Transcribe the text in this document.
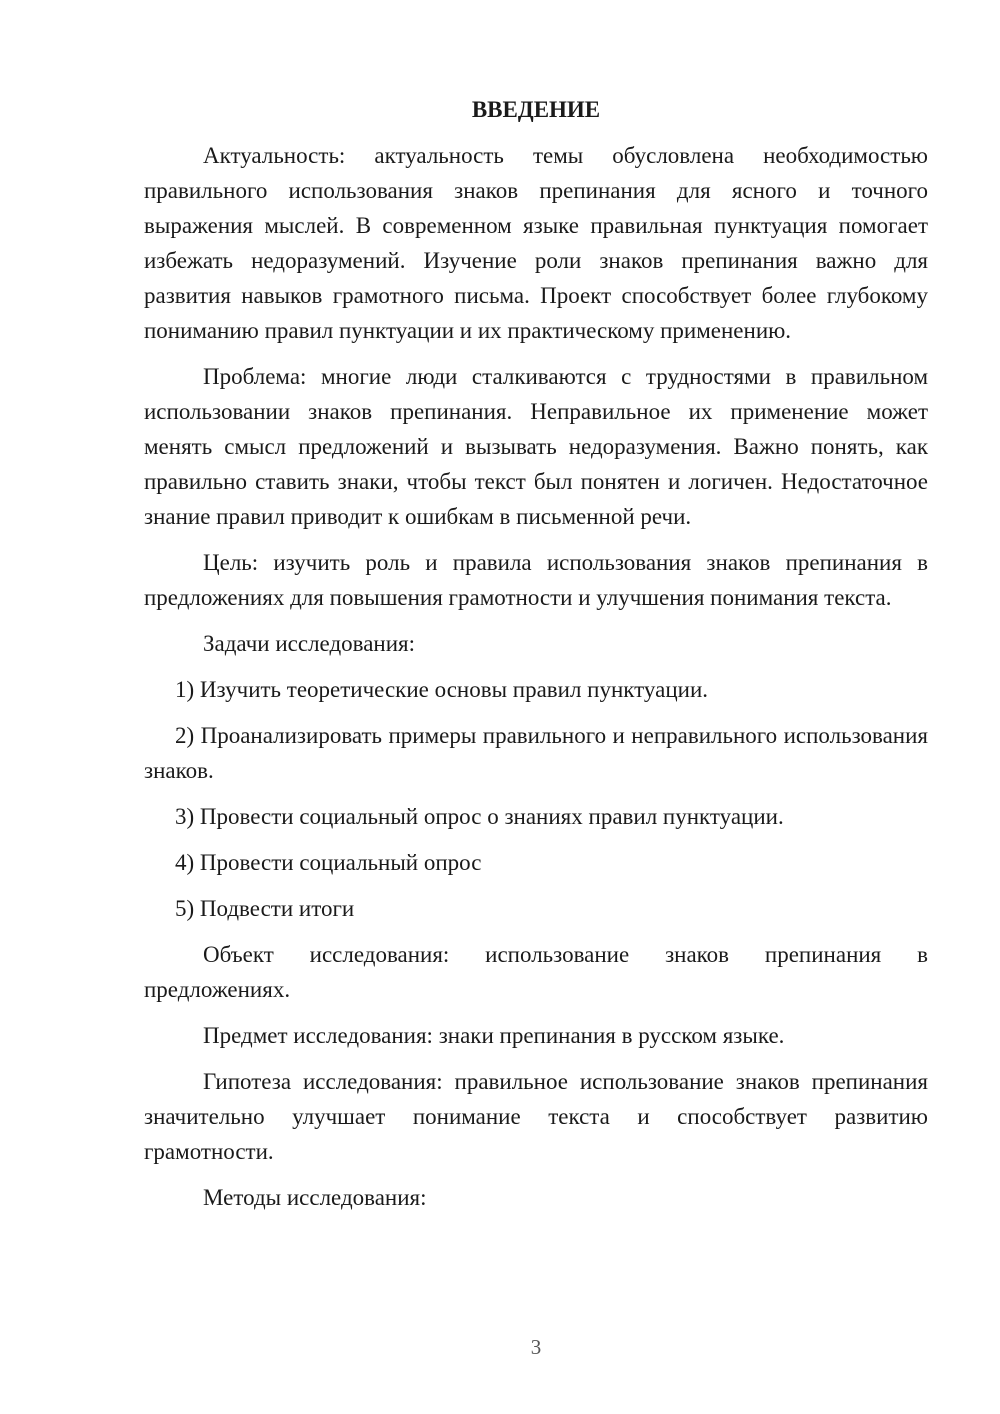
ВВЕДЕНИЕ

Актуальность: актуальность темы обусловлена необходимостью правильного использования знаков препинания для ясного и точного выражения мыслей. В современном языке правильная пунктуация помогает избежать недоразумений. Изучение роли знаков препинания важно для развития навыков грамотного письма. Проект способствует более глубокому пониманию правил пунктуации и их практическому применению.

Проблема: многие люди сталкиваются с трудностями в правильном использовании знаков препинания. Неправильное их применение может менять смысл предложений и вызывать недоразумения. Важно понять, как правильно ставить знаки, чтобы текст был понятен и логичен. Недостаточное знание правил приводит к ошибкам в письменной речи.

Цель: изучить роль и правила использования знаков препинания в предложениях для повышения грамотности и улучшения понимания текста.

Задачи исследования:

1) Изучить теоретические основы правил пунктуации.

2) Проанализировать примеры правильного и неправильного использования знаков.

3) Провести социальный опрос о знаниях правил пунктуации.

4) Провести социальный опрос

5) Подвести итоги

Объект исследования: использование знаков препинания в предложениях.

Предмет исследования: знаки препинания в русском языке.

Гипотеза исследования: правильное использование знаков препинания значительно улучшает понимание текста и способствует развитию грамотности.

Методы исследования:

3
